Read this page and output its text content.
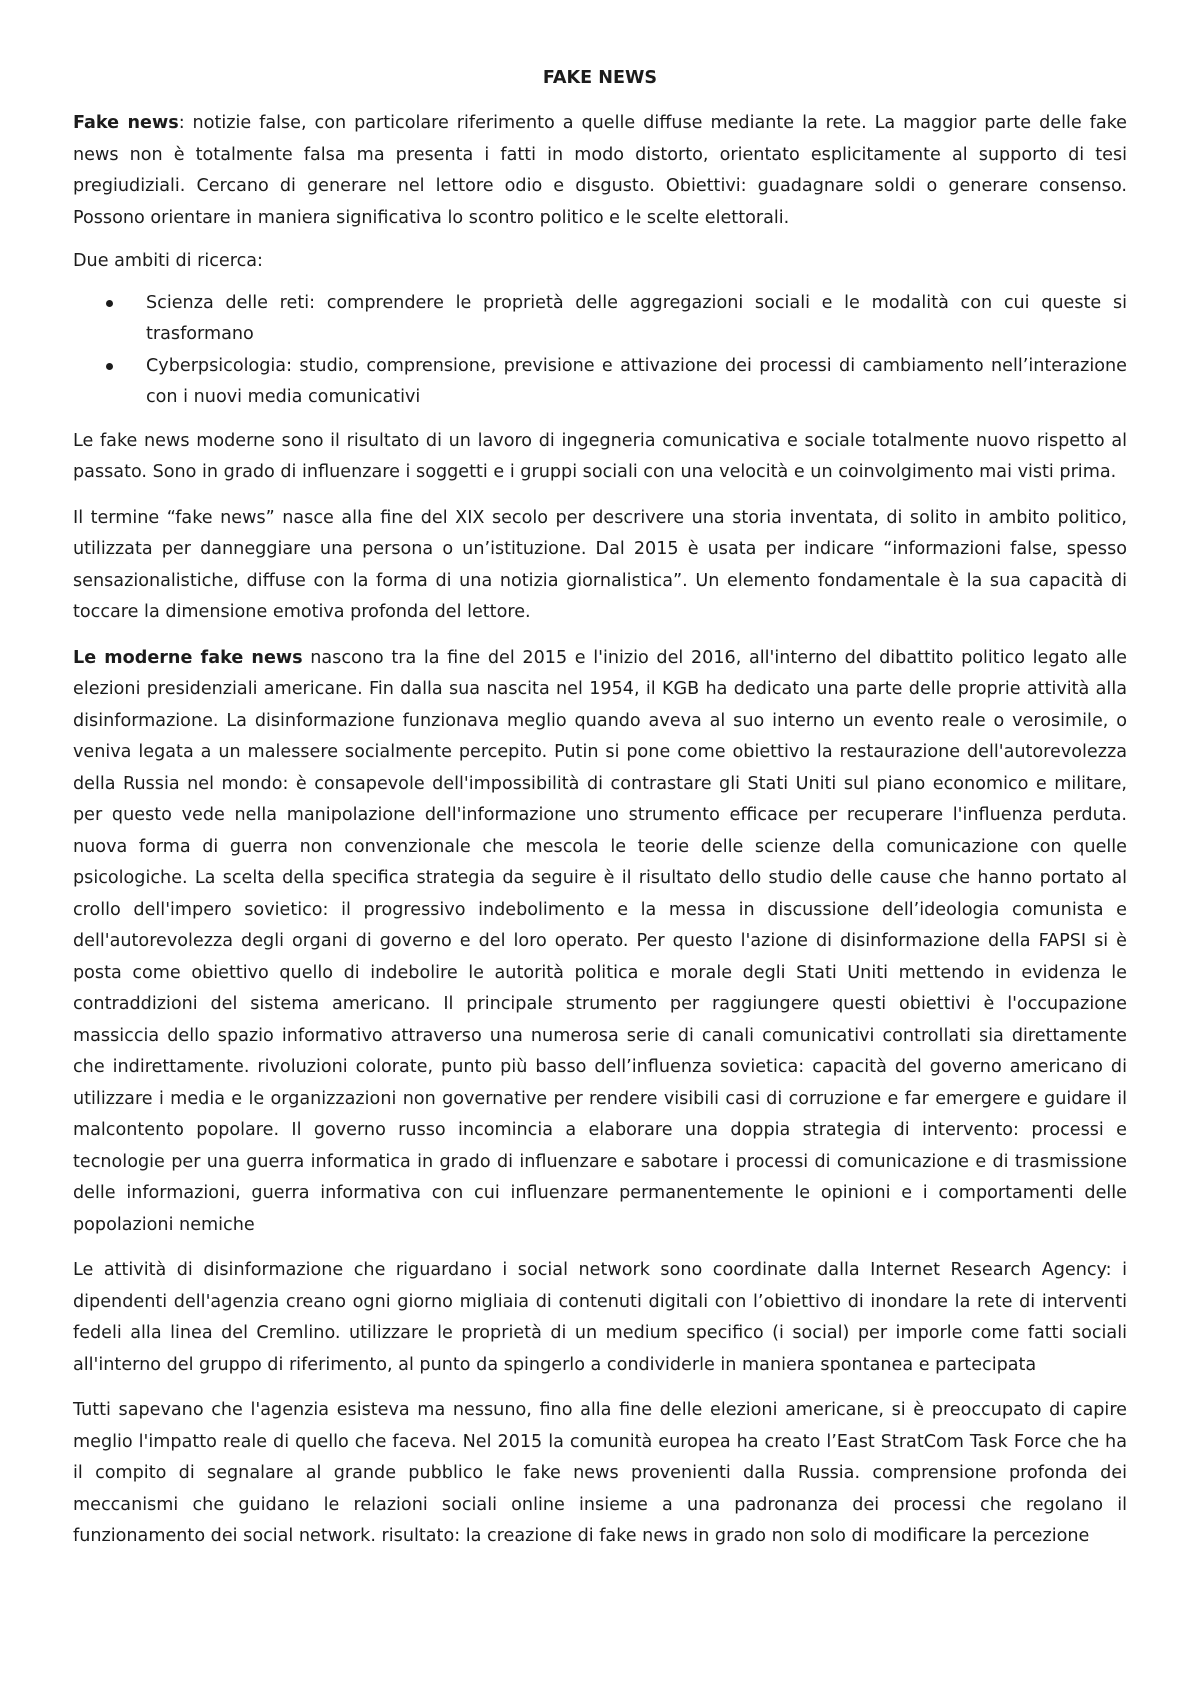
FAKE NEWS

Fake news: notizie false, con particolare riferimento a quelle diffuse mediante la rete. La maggior parte delle fake news non è totalmente falsa ma presenta i fatti in modo distorto, orientato esplicitamente al supporto di tesi pregiudiziali. Cercano di generare nel lettore odio e disgusto. Obiettivi: guadagnare soldi o generare consenso. Possono orientare in maniera significativa lo scontro politico e le scelte elettorali.

Due ambiti di ricerca:

Scienza delle reti: comprendere le proprietà delle aggregazioni sociali e le modalità con cui queste si trasformano
Cyberpsicologia: studio, comprensione, previsione e attivazione dei processi di cambiamento nell’interazione con i nuovi media comunicativi

Le fake news moderne sono il risultato di un lavoro di ingegneria comunicativa e sociale totalmente nuovo rispetto al passato. Sono in grado di influenzare i soggetti e i gruppi sociali con una velocità e un coinvolgimento mai visti prima.

Il termine “fake news” nasce alla fine del XIX secolo per descrivere una storia inventata, di solito in ambito politico, utilizzata per danneggiare una persona o un’istituzione. Dal 2015 è usata per indicare “informazioni false, spesso sensazionalistiche, diffuse con la forma di una notizia giornalistica”. Un elemento fondamentale è la sua capacità di toccare la dimensione emotiva profonda del lettore.

Le moderne fake news nascono tra la fine del 2015 e l'inizio del 2016, all'interno del dibattito politico legato alle elezioni presidenziali americane. Fin dalla sua nascita nel 1954, il KGB ha dedicato una parte delle proprie attività alla disinformazione. La disinformazione funzionava meglio quando aveva al suo interno un evento reale o verosimile, o veniva legata a un malessere socialmente percepito. Putin si pone come obiettivo la restaurazione dell'autorevolezza della Russia nel mondo: è consapevole dell'impossibilità di contrastare gli Stati Uniti sul piano economico e militare, per questo vede nella manipolazione dell'informazione uno strumento efficace per recuperare l'influenza perduta. nuova forma di guerra non convenzionale che mescola le teorie delle scienze della comunicazione con quelle psicologiche. La scelta della specifica strategia da seguire è il risultato dello studio delle cause che hanno portato al crollo dell'impero sovietico: il progressivo indebolimento e la messa in discussione dell’ideologia comunista e dell'autorevolezza degli organi di governo e del loro operato. Per questo l'azione di disinformazione della FAPSI si è posta come obiettivo quello di indebolire le autorità politica e morale degli Stati Uniti mettendo in evidenza le contraddizioni del sistema americano. Il principale strumento per raggiungere questi obiettivi è l'occupazione massiccia dello spazio informativo attraverso una numerosa serie di canali comunicativi controllati sia direttamente che indirettamente. rivoluzioni colorate, punto più basso dell’influenza sovietica: capacità del governo americano di utilizzare i media e le organizzazioni non governative per rendere visibili casi di corruzione e far emergere e guidare il malcontento popolare. Il governo russo incomincia a elaborare una doppia strategia di intervento: processi e tecnologie per una guerra informatica in grado di influenzare e sabotare i processi di comunicazione e di trasmissione delle informazioni, guerra informativa con cui influenzare permanentemente le opinioni e i comportamenti delle popolazioni nemiche

Le attività di disinformazione che riguardano i social network sono coordinate dalla Internet Research Agency: i dipendenti dell'agenzia creano ogni giorno migliaia di contenuti digitali con l’obiettivo di inondare la rete di interventi fedeli alla linea del Cremlino. utilizzare le proprietà di un medium specifico (i social) per imporle come fatti sociali all'interno del gruppo di riferimento, al punto da spingerlo a condividerle in maniera spontanea e partecipata

Tutti sapevano che l'agenzia esisteva ma nessuno, fino alla fine delle elezioni americane, si è preoccupato di capire meglio l'impatto reale di quello che faceva. Nel 2015 la comunità europea ha creato l’East StratCom Task Force che ha il compito di segnalare al grande pubblico le fake news provenienti dalla Russia. comprensione profonda dei meccanismi che guidano le relazioni sociali online insieme a una padronanza dei processi che regolano il funzionamento dei social network. risultato: la creazione di fake news in grado non solo di modificare la percezione
